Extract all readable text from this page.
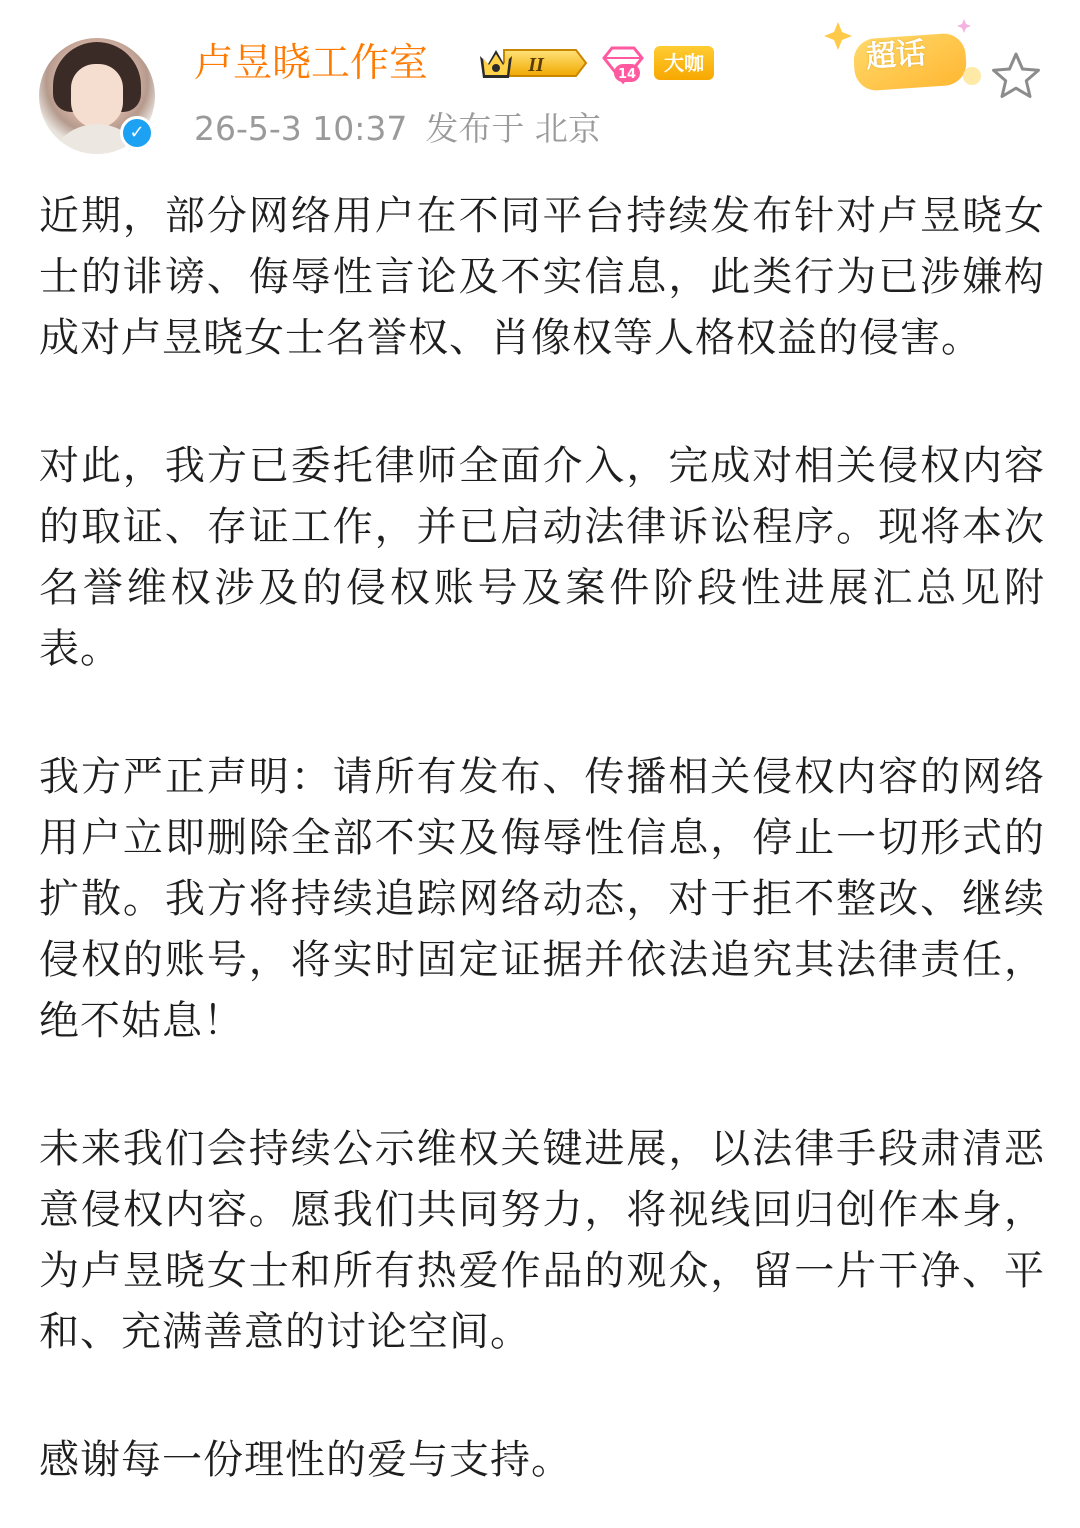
✓
卢昱晓工作室	II	14	大咖
26-5-3 10:37 发布于 北京
超话

近期，部分网络用户在不同平台持续发布针对卢昱晓女士的诽谤、侮辱性言论及不实信息，此类行为已涉嫌构成对卢昱晓女士名誉权、肖像权等人格权益的侵害。

对此，我方已委托律师全面介入，完成对相关侵权内容的取证、存证工作，并已启动法律诉讼程序。现将本次名誉维权涉及的侵权账号及案件阶段性进展汇总见附表。

我方严正声明：请所有发布、传播相关侵权内容的网络用户立即删除全部不实及侮辱性信息，停止一切形式的扩散。我方将持续追踪网络动态，对于拒不整改、继续侵权的账号，将实时固定证据并依法追究其法律责任，绝不姑息！

未来我们会持续公示维权关键进展，以法律手段肃清恶意侵权内容。愿我们共同努力，将视线回归创作本身，为卢昱晓女士和所有热爱作品的观众，留一片干净、平和、充满善意的讨论空间。

感谢每一份理性的爱与支持。
